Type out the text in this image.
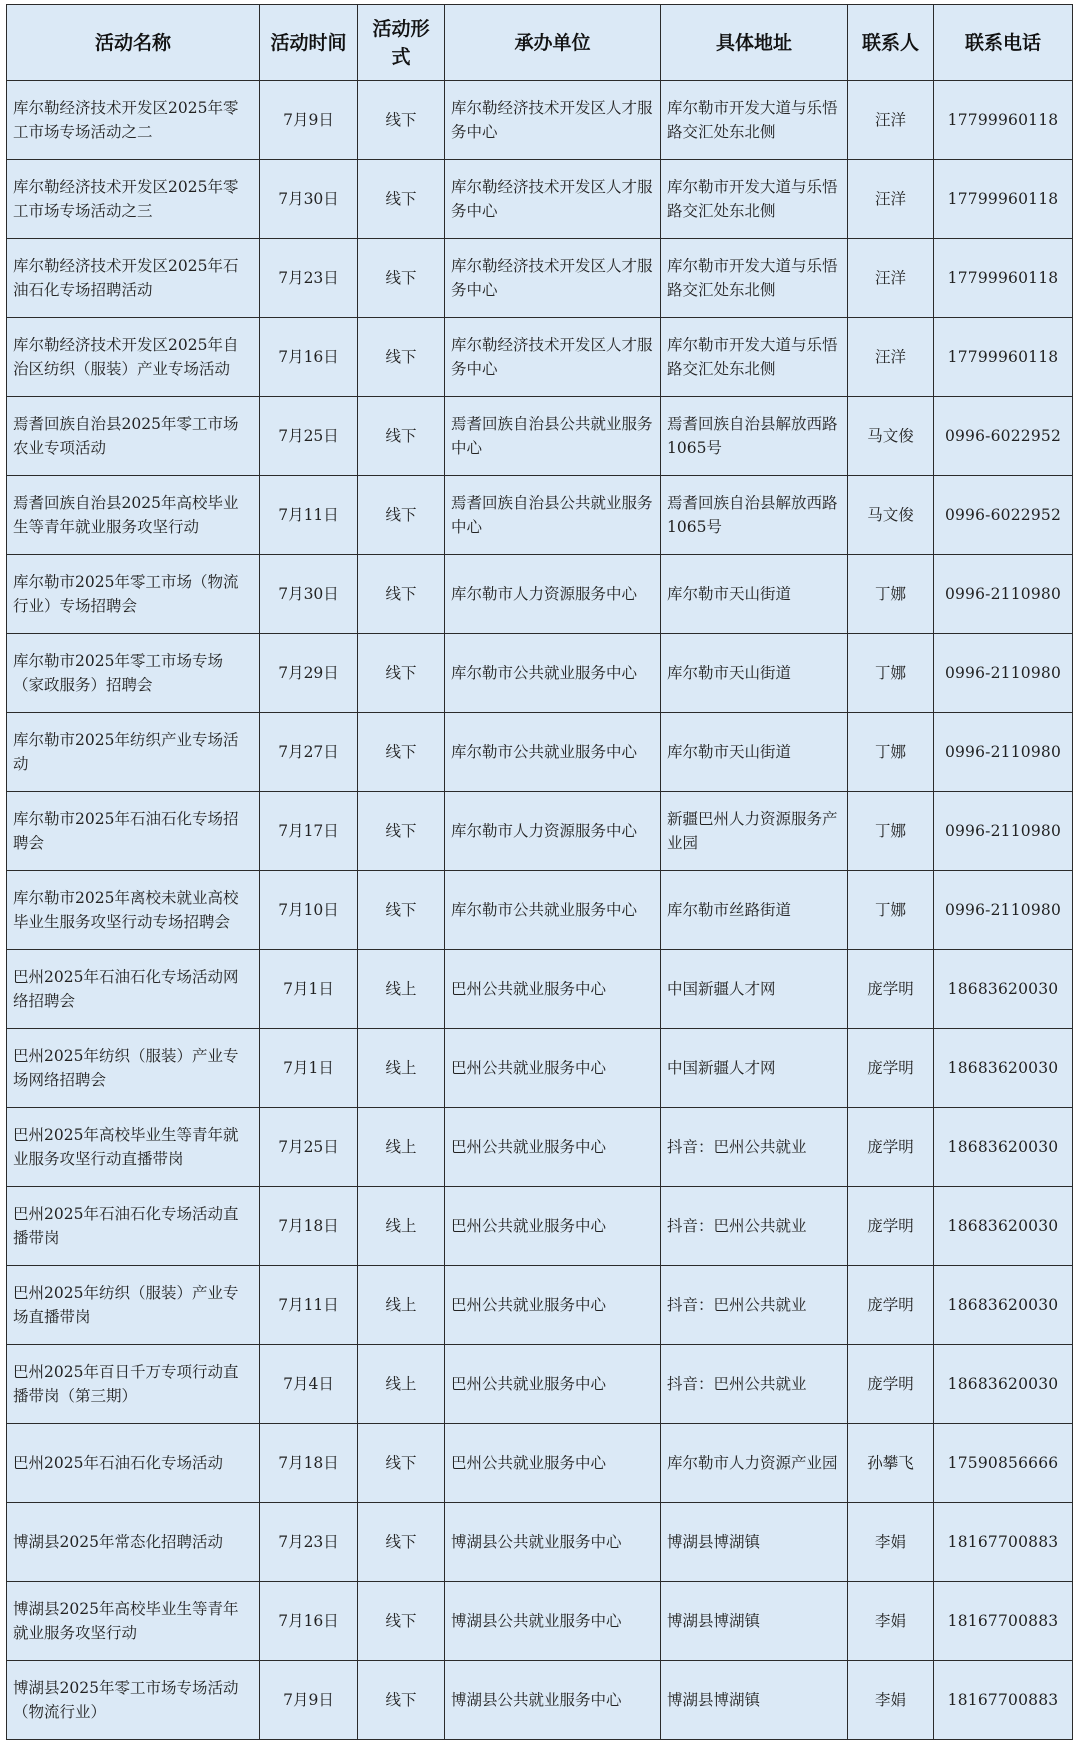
活动名称	活动时间	活动形式	承办单位	具体地址	联系人	联系电话
库尔勒经济技术开发区2025年零工市场专场活动之二	7月9日	线下	库尔勒经济技术开发区人才服务中心	库尔勒市开发大道与乐悟路交汇处东北侧	汪洋	17799960118
库尔勒经济技术开发区2025年零工市场专场活动之三	7月30日	线下	库尔勒经济技术开发区人才服务中心	库尔勒市开发大道与乐悟路交汇处东北侧	汪洋	17799960118
库尔勒经济技术开发区2025年石油石化专场招聘活动	7月23日	线下	库尔勒经济技术开发区人才服务中心	库尔勒市开发大道与乐悟路交汇处东北侧	汪洋	17799960118
库尔勒经济技术开发区2025年自治区纺织（服装）产业专场活动	7月16日	线下	库尔勒经济技术开发区人才服务中心	库尔勒市开发大道与乐悟路交汇处东北侧	汪洋	17799960118
焉耆回族自治县2025年零工市场农业专项活动	7月25日	线下	焉耆回族自治县公共就业服务中心	焉耆回族自治县解放西路1065号	马文俊	0996-6022952
焉耆回族自治县2025年高校毕业生等青年就业服务攻坚行动	7月11日	线下	焉耆回族自治县公共就业服务中心	焉耆回族自治县解放西路1065号	马文俊	0996-6022952
库尔勒市2025年零工市场（物流行业）专场招聘会	7月30日	线下	库尔勒市人力资源服务中心	库尔勒市天山街道	丁娜	0996-2110980
库尔勒市2025年零工市场专场（家政服务）招聘会	7月29日	线下	库尔勒市公共就业服务中心	库尔勒市天山街道	丁娜	0996-2110980
库尔勒市2025年纺织产业专场活动	7月27日	线下	库尔勒市公共就业服务中心	库尔勒市天山街道	丁娜	0996-2110980
库尔勒市2025年石油石化专场招聘会	7月17日	线下	库尔勒市人力资源服务中心	新疆巴州人力资源服务产业园	丁娜	0996-2110980
库尔勒市2025年离校未就业高校毕业生服务攻坚行动专场招聘会	7月10日	线下	库尔勒市公共就业服务中心	库尔勒市丝路街道	丁娜	0996-2110980
巴州2025年石油石化专场活动网络招聘会	7月1日	线上	巴州公共就业服务中心	中国新疆人才网	庞学明	18683620030
巴州2025年纺织（服装）产业专场网络招聘会	7月1日	线上	巴州公共就业服务中心	中国新疆人才网	庞学明	18683620030
巴州2025年高校毕业生等青年就业服务攻坚行动直播带岗	7月25日	线上	巴州公共就业服务中心	抖音：巴州公共就业	庞学明	18683620030
巴州2025年石油石化专场活动直播带岗	7月18日	线上	巴州公共就业服务中心	抖音：巴州公共就业	庞学明	18683620030
巴州2025年纺织（服装）产业专场直播带岗	7月11日	线上	巴州公共就业服务中心	抖音：巴州公共就业	庞学明	18683620030
巴州2025年百日千万专项行动直播带岗（第三期）	7月4日	线上	巴州公共就业服务中心	抖音：巴州公共就业	庞学明	18683620030
巴州2025年石油石化专场活动	7月18日	线下	巴州公共就业服务中心	库尔勒市人力资源产业园	孙攀飞	17590856666
博湖县2025年常态化招聘活动	7月23日	线下	博湖县公共就业服务中心	博湖县博湖镇	李娟	18167700883
博湖县2025年高校毕业生等青年就业服务攻坚行动	7月16日	线下	博湖县公共就业服务中心	博湖县博湖镇	李娟	18167700883
博湖县2025年零工市场专场活动（物流行业）	7月9日	线下	博湖县公共就业服务中心	博湖县博湖镇	李娟	18167700883
